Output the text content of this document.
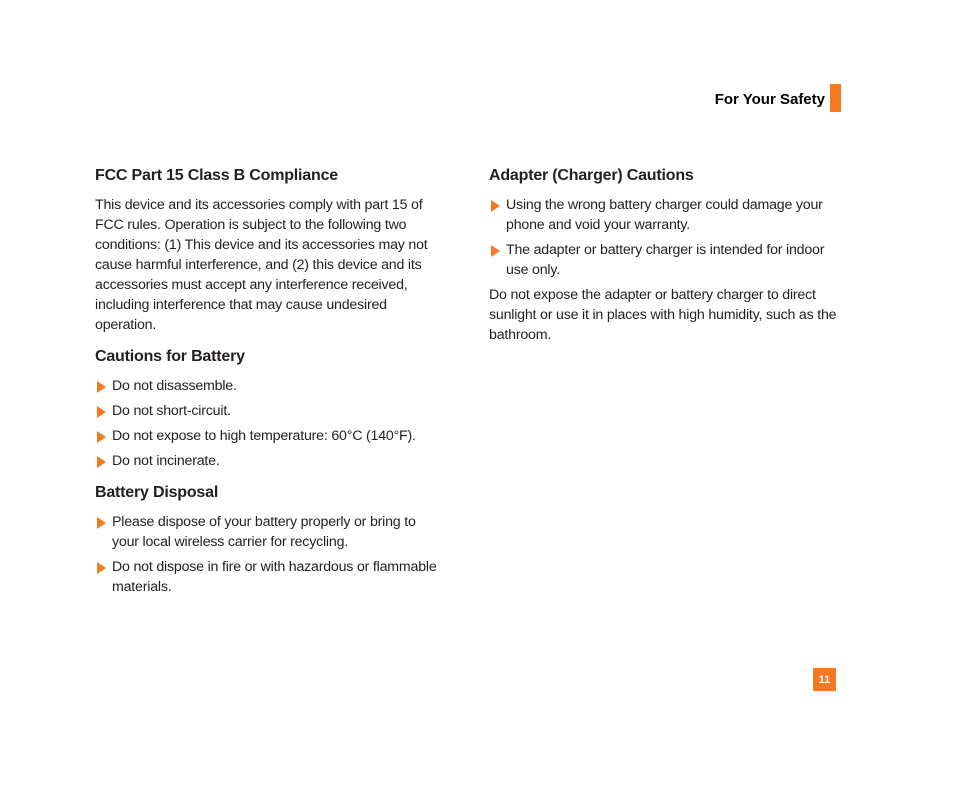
For Your Safety
FCC Part 15 Class B Compliance

This device and its accessories comply with part 15 of FCC rules. Operation is subject to the following two conditions: (1) This device and its accessories may not cause harmful interference, and (2) this device and its accessories must accept any interference received, including interference that may cause undesired operation.

Cautions for Battery
Do not disassemble.
Do not short-circuit.
Do not expose to high temperature: 60°C (140°F).
Do not incinerate.
Battery Disposal
Please dispose of your battery properly or bring to your local wireless carrier for recycling.
Do not dispose in fire or with hazardous or flammable materials.
Adapter (Charger) Cautions
Using the wrong battery charger could damage your phone and void your warranty.
The adapter or battery charger is intended for indoor use only.

Do not expose the adapter or battery charger to direct sunlight or use it in places with high humidity, such as the bathroom.

11
